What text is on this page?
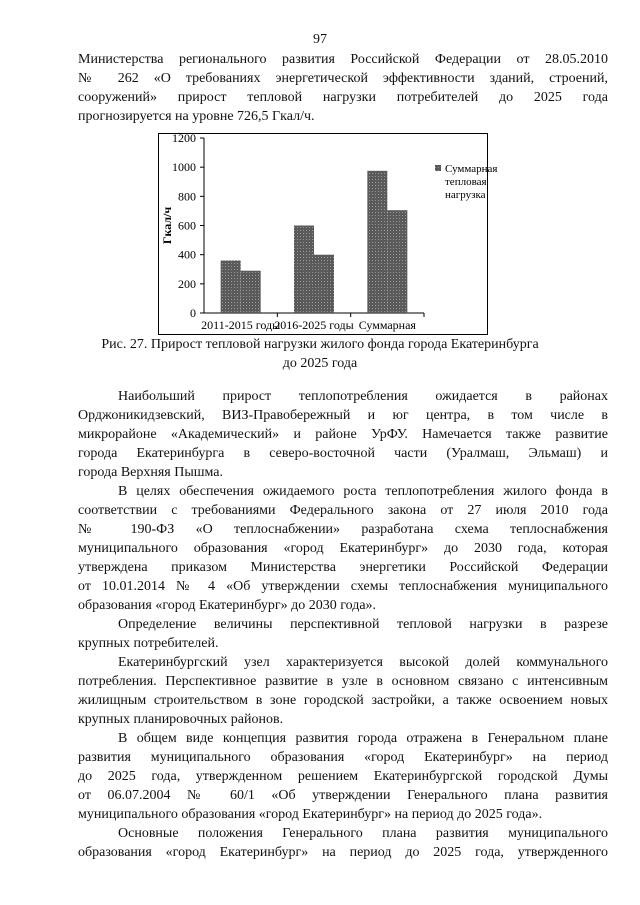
97
Министерства регионального развития Российской Федерации от 28.05.2010
№ 262 «О требованиях энергетической эффективности зданий, строений,
сооружений» прирост тепловой нагрузки потребителей до 2025 года
прогнозируется на уровне 726,5 Гкал/ч.
0
200
400
600
800
1000
1200
Гкал/ч
2011-2015 годы
2016-2025 годы Суммарная
Суммарная
тепловая
нагрузка
Рис. 27. Прирост тепловой нагрузки жилого фонда города Екатеринбурга
до 2025 года
Наибольший прирост теплопотребления ожидается в районах
Орджоникидзевский, ВИЗ-Правобережный и юг центра, в том числе в
микрорайоне «Академический» и районе УрФУ. Намечается также развитие
города Екатеринбурга в северо-восточной части (Уралмаш, Эльмаш) и
города Верхняя Пышма.
В целях обеспечения ожидаемого роста теплопотребления жилого фонда в
соответствии с требованиями Федерального закона от 27 июля 2010 года
№ 190-ФЗ «О теплоснабжении» разработана схема теплоснабжения
муниципального образования «город Екатеринбург» до 2030 года, которая
утверждена приказом Министерства энергетики Российской Федерации
от 10.01.2014 № 4 «Об утверждении схемы теплоснабжения муниципального
образования «город Екатеринбург» до 2030 года».
Определение величины перспективной тепловой нагрузки в разрезе
крупных потребителей.
Екатеринбургский узел характеризуется высокой долей коммунального
потребления. Перспективное развитие в узле в основном связано с интенсивным
жилищным строительством в зоне городской застройки, а также освоением новых
крупных планировочных районов.
В общем виде концепция развития города отражена в Генеральном плане
развития муниципального образования «город Екатеринбург» на период
до 2025 года, утвержденном решением Екатеринбургской городской Думы
от 06.07.2004 № 60/1 «Об утверждении Генерального плана развития
муниципального образования «город Екатеринбург» на период до 2025 года».
Основные положения Генерального плана развития муниципального
образования «город Екатеринбург» на период до 2025 года, утвержденного
